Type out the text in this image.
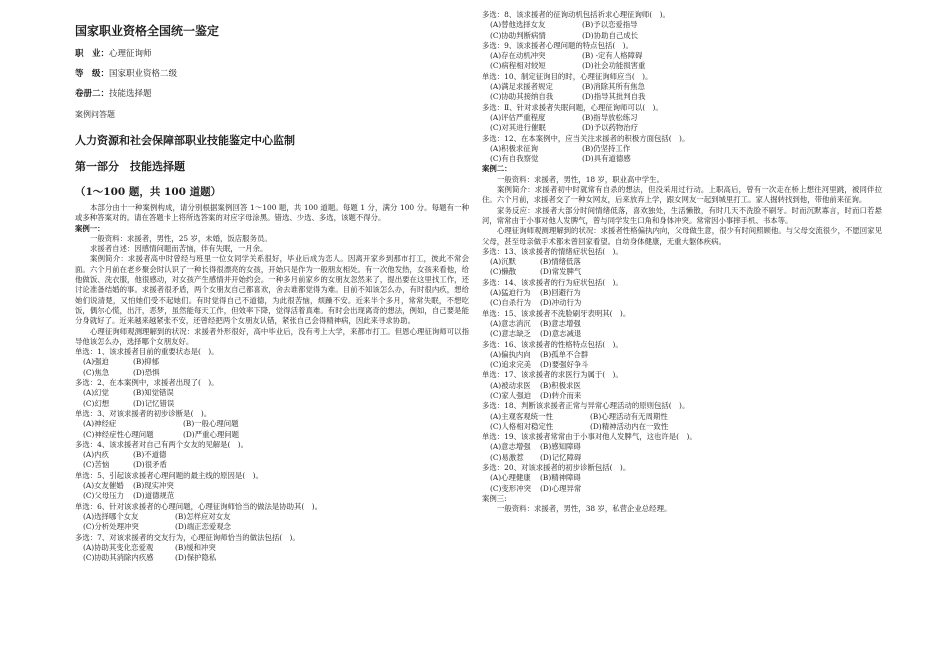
国家职业资格全国统一鉴定
职　业：心理征询师
等　级：国家职业资格二级
卷册二：技能选择题
案例问答题
人力资源和社会保障部职业技能鉴定中心监制
第一部分　技能选择题
（1～100 题，共 100 道题）

本部分由十一种案例构成，请分别根据案例回答 1～100 题，共 100 道题。每题 1 分，满分 100 分。每题有一种或多种答案对的。请在答题卡上将所选答案的对应字母涂黑。错选、少选、多选，该题不得分。

案例一：

一般资料：求援者，男性，25 岁，未婚，饭店服务员。

求援者自述：因感情问题而苦恼，伴有失眠，一月余。

案例简介：求援者高中时曾经与班里一位女同学关系很好，毕业后成为恋人。因离开家乡到那市打工，彼此不常会面。六个月前在老乡聚会时认识了一种长得很漂亮的女孩，开始只是作为一般朋友相处。有一次他发热，女孩来看他，给他做饭、洗衣服，他很感动，对女孩产生感情并开始约会。一种多月前家乡的女朋友忽然来了，提出要在这里找工作，还讨论准备结婚的事。求援者很矛盾，两个女朋友自己都喜欢，舍去谁都觉得为难。目前不知该怎么办，有时很内疚，想给她们说清楚，又怕她们受不起她们。有时觉得自己不道德，为此很苦恼，烦躁不安。近来半个多月，常常失眠，不想吃饭，偶尔心慌，出汗，恶梦，虽然能每天工作，但效率下降，觉得活着真难。有时会出现离奇的想法，例如，自己要是能分身就好了。近来越来越紧张不安，还曾经把两个女朋友认错，紧张自己会得精神病，因此来寻求协助。

心理征询师观测理解到的状况：求援者外形很好，高中毕业后，没有考上大学，来都市打工。但恩心理征询师可以指导他该怎么办，选择哪个女朋友好。

单选：1、该求援者目前的重要状态是(　)。
(A)强迫	(B)抑郁
(C)焦急	(D)恐惧
多选：2、在本案例中，求援者出现了(　)。
(A)幻觉	(B)知觉错误
(C)幻想	(D)记忆错误
单选：3、对该求援者的初步诊断是(　)。
(A)神经症	(B)一般心理问题
(C)神经症性心理问题	(D)严重心理问题
多选：4、该求援者对自己有两个女友的见解是(　)。
(A)内疚	(B)不道德
(C)苦恼	(D)很矛盾
单选：5、引起该求援者心理问题的最主线的原因是(　)。
(A)女友催婚 (B)现实冲突
(C)父母压力 (D)道德规范
单选：6、针对该求援者的心理问题，心理征询师恰当的做法是协助其(　)。
(A)选择哪个女友	(B)怎样应对女友
(C)分析处理冲突	(D)端正恋爱观念
多选：7、对该求援者的交友行为，心理征询师恰当的做法包括(　)。
(A)协助其变化恋爱观	(B)缓和冲突
(C)协助其消除内疚感	(D)保护隐私
多选：8、该求援者的征询动机包括祈求心理征询师(　)。
(A)替他选择女友	(B)予以恋爱指导
(C)协助判断病情	(D)协助自己成长
多选：9、该求援者心理问题的特点包括(　)。
(A)存在动机冲突	(B) -定有人格障碍
(C)病程相对较短	(D)社会功能损害重
单选：10、制定征询目的时，心理征询师应当(　)。
(A)满足求援者规定	(B)消除其所有焦急
(C)协助其接纳自我	(D)指导其批判自我
多选：Ⅱ、针对求援者失眠问题，心理征询师可以(　)。
(A)评估严重程度	(B)指导放松练习
(C)对其进行催眠	(D)予以药物治疗
多选：12、在本案例中，应当关注求援者的积极方面包括(　)。
(A)积极求征询	(B)仍坚持工作
(C)有自我察觉	(D)具有道德感
案例二：

一般资料：求援者，男性，18 岁，职业高中学生。

案例简介：求援者初中时就常有自杀的想法，但没采用过行动。上职高后，曾有一次走在桥上想往河里跳，被同伴拉住。六个月前，求援者交了一种女网友，后来放弃上学，跟女网友一起到城里打工。家人掘转找到他，带他前来征询。

家务反应：求援者大部分时间情绪低落，喜欢独处，生活懒散，有时几天不洗脸不刷牙。时而沉默寡言，时而口若悬河，常常由于小事对他人发脾气，曾与同学发生口角和身体冲突。常常因小事摔手机、书本等。

心理征询师观测理解到的状况：求援者性格偏执内向，父母做生意，很少有时间照顾他。与父母交流很少，不愿回家见父母，甚至母亲做手术都未曾回家看望。自幼身体健康，无重大躯体疾病。

多选：13、该求援者的情绪症状包括(　)。
(A)沉默	(B)情绪低落
(C)懒散	(D)常发脾气
多选：14、该求援者的行为症状包括(　)。
(A)猛迫行为 (B)回避行为
(C)自杀行为 (D)冲动行为
单选：15、该求援者不洗脸刷牙表明其(　)。
(A)意志消沉 (B)意志增强
(C)意志缺乏 (D)意志减退
多选：16、该求援者的性格特点包括(　)。
(A)偏执内向 (B)孤单不合群
(C)追求完美 (D)要强好争斗
单选：17、该求援者的求医行为属于(　)。
(A)被动求医 (B)积极求医
(C)家人强迫 (D)转介而来
多选：18、判断该求援者正常与异常心理活动的原则包括(　)。
(A)主观客观统一性	(B)心理活动有无周期性
(C)人格相对稳定性	(D)精神活动内在一致性
单选：19、该求援者常常由于小事对他人发脾气，这也许是(　)。
(A)意志增强 (B)感知障碍
(C)易激惹 (D)记忆障碍
多选：20、对该求援者的初步诊断包括(　)。
(A)心理健康 (B)精神障碍
(C)变形冲突 (D)心理异常
案例三:

一般资料：求援者，男性，38 岁，私营企业总经理。
